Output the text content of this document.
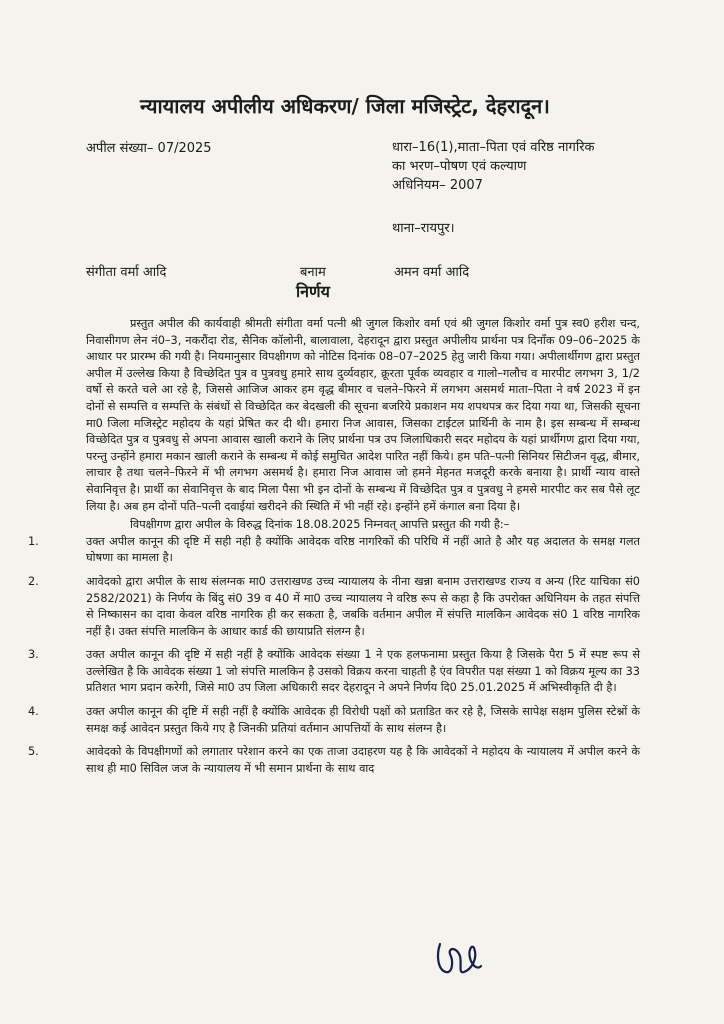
न्यायालय अपीलीय अधिकरण/ जिला मजिस्ट्रेट, देहरादून।
अपील संख्या– 07/2025	धारा–16(1),माता–पिता एवं वरिष्ठ नागरिक
का भरण–पोषण एवं कल्याण
अधिनियम– 2007
थाना–रायपुर।
संगीता वर्मा आदि	बनाम	अमन वर्मा आदि
निर्णय

प्रस्तुत अपील की कार्यवाही श्रीमती संगीता वर्मा पत्नी श्री जुगल किशोर वर्मा एवं श्री जुगल किशोर वर्मा पुत्र स्व0 हरीश चन्द, निवासीगण लेन नं0–3, नकरौंदा रोड, सैनिक कॉलोनी, बालावाला, देहरादून द्वारा प्रस्तुत अपीलीय प्रार्थना पत्र दिनाँक 09–06–2025 के आधार पर प्रारम्भ की गयी है। नियमानुसार विपक्षीगण को नोटिस दिनांक 08–07–2025 हेतु जारी किया गया। अपीलार्थीगण द्वारा प्रस्तुत अपील में उल्लेख किया है विच्छेदित पुत्र व पुत्रवधु हमारे साथ दुर्व्यवहार, क्रूरता पूर्वक व्यवहार व गालो–गलौच व मारपीट लगभग 3, 1/2 वर्षो से करते चले आ रहे है, जिससे आजिज आकर हम वृद्ध बीमार व चलने–फिरने में लगभग असमर्थ माता–पिता ने वर्ष 2023 में इन दोनों से सम्पत्ति व सम्पत्ति के संबंधों से विच्छेदित कर बेदखली की सूचना बजरिये प्रकाशन मय शपथपत्र कर दिया गया था, जिसकी सूचना मा0 जिला मजिस्ट्रेट महोदय के यहां प्रेषित कर दी थी। हमारा निज आवास, जिसका टाईटल प्रार्थिनी के नाम है। इस सम्बन्ध में सम्बन्ध विच्छेदित पुत्र व पुत्रवधु से अपना आवास खाली कराने के लिए प्रार्थना पत्र उप जिलाधिकारी सदर महोदय के यहां प्रार्थीगण द्वारा दिया गया, परन्तु उन्होंने हमारा मकान खाली कराने के सम्बन्ध में कोई समुचित आदेश पारित नहीं किये। हम पति–पत्नी सिनियर सिटीजन वृद्ध, बीमार, लाचार है तथा चलने–फिरने में भी लगभग असमर्थ है। हमारा निज आवास जो हमने मेहनत मजदूरी करके बनाया है। प्रार्थी न्याय वास्ते सेवानिवृत्त है। प्रार्थी का सेवानिवृत्त के बाद मिला पैसा भी इन दोनों के सम्बन्ध में विच्छेदित पुत्र व पुत्रवधु ने हमसे मारपीट कर सब पैसे लूट लिया है। अब हम दोनों पति–पत्नी दवाईयां खरीदने की स्थिति में भी नहीं रहे। इन्होंने हमें कंगाल बना दिया है।

विपक्षीगण द्वारा अपील के विरुद्ध दिनांक 18.08.2025 निम्नवत् आपत्ति प्रस्तुत की गयी है:–

1.	उक्त अपील कानून की दृष्टि में सही नही है क्योंकि आवेदक वरिष्ठ नागरिकों की परिधि में नहीं आते है और यह अदालत के समक्ष गलत घोषणा का मामला है।
2.	आवेदको द्वारा अपील के साथ संलग्नक मा0 उत्तराखण्ड उच्च न्यायालय के नीना खन्ना बनाम उत्तराखण्ड राज्य व अन्य (रिट याचिका सं0 2582/2021) के निर्णय के बिंदु सं0 39 व 40 में मा0 उच्च न्यायालय ने वरिष्ठ रूप से कहा है कि उपरोक्त अधिनियम के तहत संपत्ति से निष्कासन का दावा केवल वरिष्ठ नागरिक ही कर सकता है, जबकि वर्तमान अपील में संपत्ति मालकिन आवेदक सं0 1 वरिष्ठ नागरिक नहीं है। उक्त संपत्ति मालकिन के आधार कार्ड की छायाप्रति संलग्न है।
3.	उक्त अपील कानून की दृष्टि में सही नहीं है क्योंकि आवेदक संख्या 1 ने एक हलफनामा प्रस्तुत किया है जिसके पैरा 5 में स्पष्ट रूप से उल्लेखित है कि आवेदक संख्या 1 जो संपत्ति मालकिन है उसको विक्रय करना चाहती है एंव विपरीत पक्ष संख्या 1 को विक्रय मूल्य का 33 प्रतिशत भाग प्रदान करेगी, जिसे मा0 उप जिला अधिकारी सदर देहरादून ने अपने निर्णय दि0 25.01.2025 में अभिस्वीकृति दी है।
4.	उक्त अपील कानून की दृष्टि में सही नहीं है क्योंकि आवेदक ही विरोधी पक्षों को प्रताडित कर रहे है, जिसके सापेक्ष सक्षम पुलिस स्टेश्नों के समक्ष कई आवेदन प्रस्तुत किये गए है जिनकी प्रतियां वर्तमान आपत्तियों के साथ संलग्न है।
5.	आवेदको के विपक्षीगणों को लगातार परेशान करने का एक ताजा उदाहरण यह है कि आवेदकों ने महोदय के न्यायालय में अपील करने के साथ ही मा0 सिविल जज के न्यायालय में भी समान प्रार्थना के साथ वाद
